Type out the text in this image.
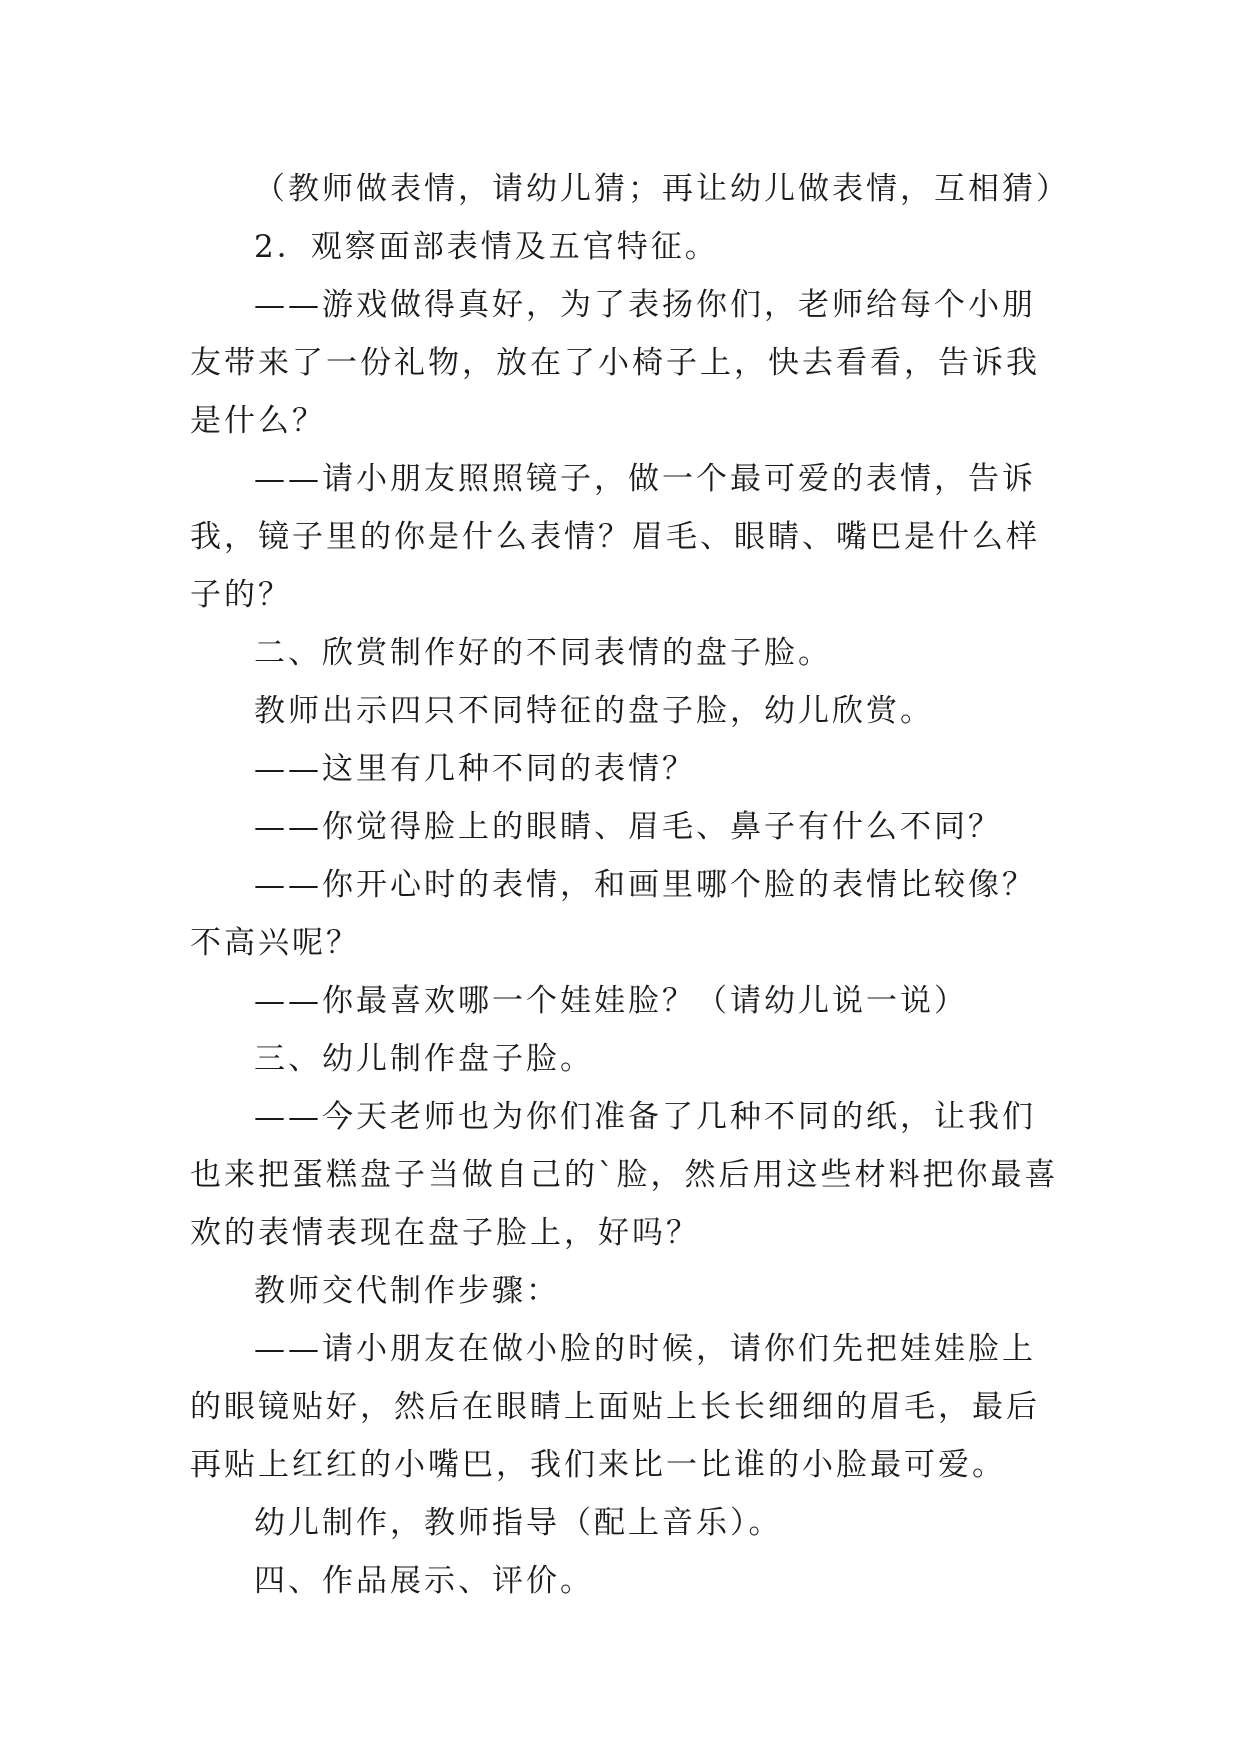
（教师做表情，请幼儿猜；再让幼儿做表情，互相猜）

2．观察面部表情及五官特征。

——游戏做得真好，为了表扬你们，老师给每个小朋友带来了一份礼物，放在了小椅子上，快去看看，告诉我是什么？

——请小朋友照照镜子，做一个最可爱的表情，告诉我，镜子里的你是什么表情？眉毛、眼睛、嘴巴是什么样子的？

二、欣赏制作好的不同表情的盘子脸。

教师出示四只不同特征的盘子脸，幼儿欣赏。

——这里有几种不同的表情？

——你觉得脸上的眼睛、眉毛、鼻子有什么不同？

——你开心时的表情，和画里哪个脸的表情比较像？不高兴呢？

——你最喜欢哪一个娃娃脸？（请幼儿说一说）

三、幼儿制作盘子脸。

——今天老师也为你们准备了几种不同的纸，让我们也来把蛋糕盘子当做自己的`脸，然后用这些材料把你最喜欢的表情表现在盘子脸上，好吗？

教师交代制作步骤：

——请小朋友在做小脸的时候，请你们先把娃娃脸上的眼镜贴好，然后在眼睛上面贴上长长细细的眉毛，最后再贴上红红的小嘴巴，我们来比一比谁的小脸最可爱。

幼儿制作，教师指导（配上音乐）。

四、作品展示、评价。
